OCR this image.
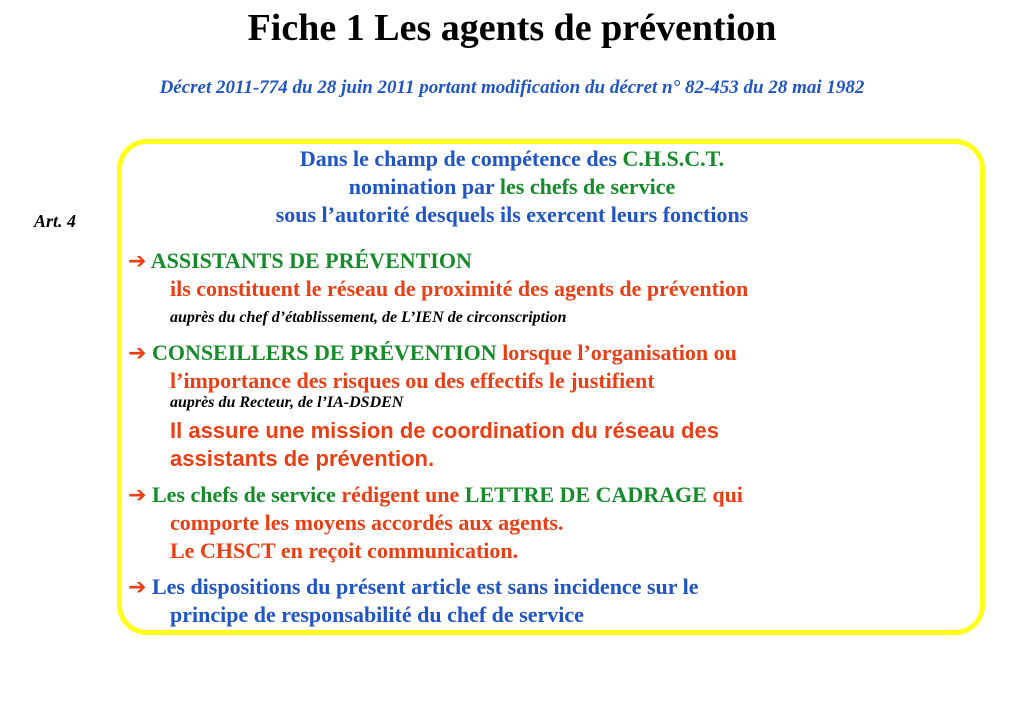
Fiche 1 Les agents de prévention
Décret 2011-774 du 28 juin 2011 portant modification du décret n° 82-453 du 28 mai 1982
Art. 4
Dans le champ de compétence des C.H.S.C.T.
nomination par les chefs de service
sous l’autorité desquels ils exercent leurs fonctions
➔ ASSISTANTS DE PRÉVENTION
ils constituent le réseau de proximité des agents de prévention
auprès du chef d’établissement, de L’IEN de circonscription
➔ CONSEILLERS DE PRÉVENTION lorsque l’organisation ou
l’importance des risques ou des effectifs le justifient
auprès du Recteur, de l’IA-DSDEN
Il assure une mission de coordination du réseau des
assistants de prévention.
➔ Les chefs de service rédigent une LETTRE DE CADRAGE qui
comporte les moyens accordés aux agents.
Le CHSCT en reçoit communication.
➔ Les dispositions du présent article est sans incidence sur le
principe de responsabilité du chef de service
